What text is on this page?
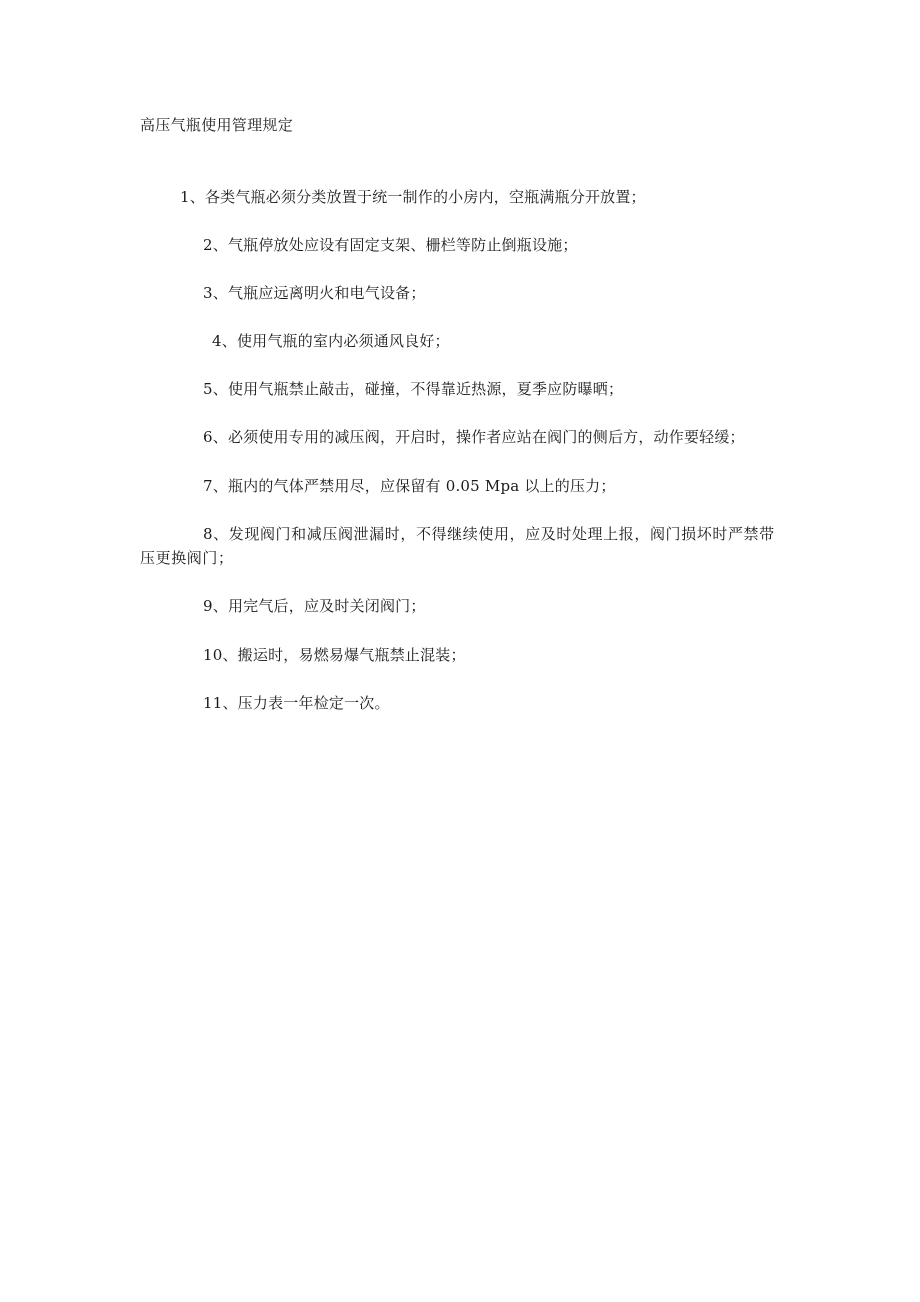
高压气瓶使用管理规定
1、各类气瓶必须分类放置于统一制作的小房内，空瓶满瓶分开放置；
2、气瓶停放处应设有固定支架、栅栏等防止倒瓶设施；
3、气瓶应远离明火和电气设备；
4、使用气瓶的室内必须通风良好；
5、使用气瓶禁止敲击，碰撞，不得靠近热源，夏季应防曝晒；
6、必须使用专用的减压阀，开启时，操作者应站在阀门的侧后方，动作要轻缓；
7、瓶内的气体严禁用尽，应保留有 0.05 Mpa 以上的压力；
8、发现阀门和减压阀泄漏时，不得继续使用，应及时处理上报，阀门损坏时严禁带压更换阀门；
9、用完气后，应及时关闭阀门；
10、搬运时，易燃易爆气瓶禁止混装；
11、压力表一年检定一次。
